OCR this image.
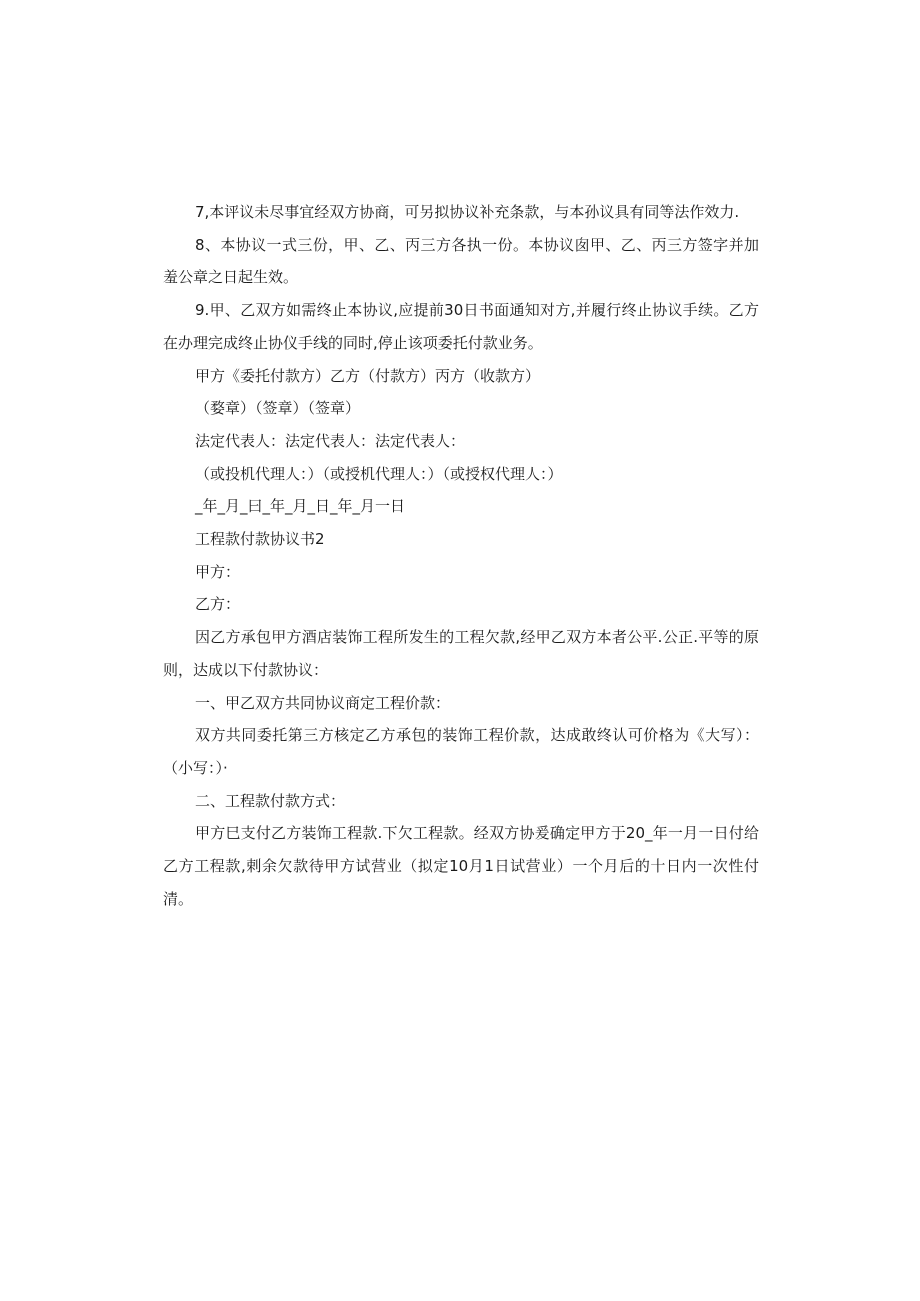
7,本评议未尽事宜经双方协商，可另拟协议补充条款，与本孙议具有同等法作效力.

8、本协议一式三份，甲、乙、丙三方各执一份。本协议囱甲、乙、丙三方签字并加羞公章之日起生效。

9.甲、乙双方如需终止本协议,应提前30日书面通知对方,并履行终止协议手续。乙方在办理完成终止协仪手线的同时,停止该项委托付款业务。

甲方《委托付款方）乙方（付款方）丙方（收款方）

（婺章）（签章）（签章）

法定代表人：法定代表人：法定代表人：

（或投机代理人：）（或授机代理人：）（或授权代理人：）

_年_月_曰_年_月_日_年_月一日

工程款付款协议书2

甲方：

乙方：

因乙方承包甲方酒店装饰工程所发生的工程欠款,经甲乙双方本者公平.公正.平等的原则，达成以下付款协议：

一、甲乙双方共同协议商定工程价款：

双方共同委托第三方核定乙方承包的装饰工程价款，达成敢终认可价格为《大写）：（小写：）·

二、工程款付款方式：

甲方巳支付乙方装饰工程款.下欠工程款。经双方协爰确定甲方于20_年一月一日付给乙方工程款,剌余欠款待甲方试营业（拟定10月1日试营业）一个月后的十日内一次性付清。
